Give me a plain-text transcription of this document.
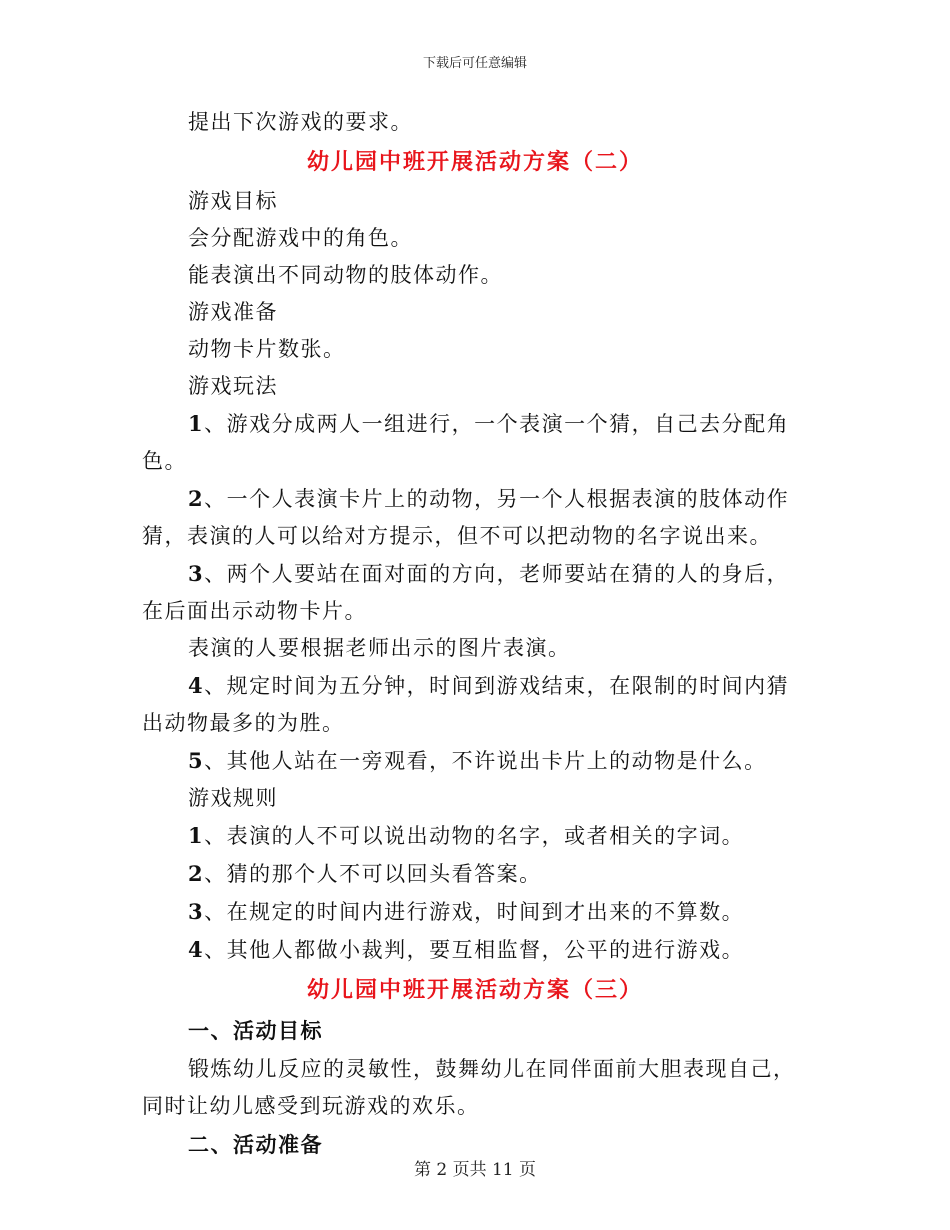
下载后可任意编辑

提出下次游戏的要求。

幼儿园中班开展活动方案（二）

游戏目标

会分配游戏中的角色。

能表演出不同动物的肢体动作。

游戏准备

动物卡片数张。

游戏玩法

1、游戏分成两人一组进行，一个表演一个猜，自己去分配角色。

2、一个人表演卡片上的动物，另一个人根据表演的肢体动作猜，表演的人可以给对方提示，但不可以把动物的名字说出来。

3、两个人要站在面对面的方向，老师要站在猜的人的身后，在后面出示动物卡片。

表演的人要根据老师出示的图片表演。

4、规定时间为五分钟，时间到游戏结束，在限制的时间内猜出动物最多的为胜。

5、其他人站在一旁观看，不许说出卡片上的动物是什么。

游戏规则

1、表演的人不可以说出动物的名字，或者相关的字词。

2、猜的那个人不可以回头看答案。

3、在规定的时间内进行游戏，时间到才出来的不算数。

4、其他人都做小裁判，要互相监督，公平的进行游戏。

幼儿园中班开展活动方案（三）

一、活动目标

锻炼幼儿反应的灵敏性，鼓舞幼儿在同伴面前大胆表现自己，同时让幼儿感受到玩游戏的欢乐。

二、活动准备

第 2 页共 11 页
